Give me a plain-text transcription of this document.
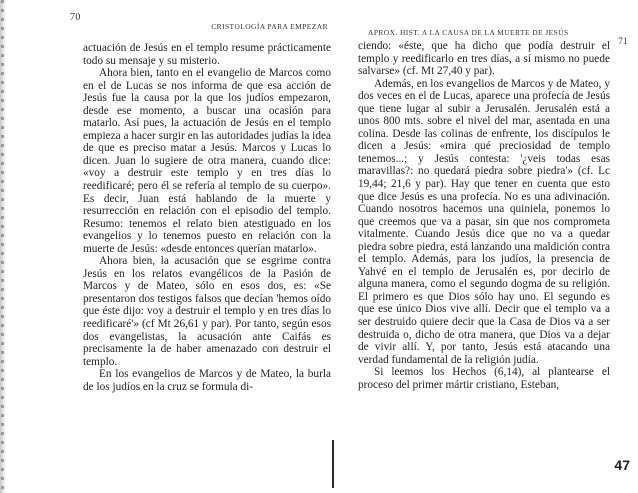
70
CRISTOLOGÍA PARA EMPEZAR

actuación de Jesús en el templo resume prácticamente todo su mensaje y su misterio.

Ahora bien, tanto en el evangelio de Marcos como en el de Lucas se nos informa de que esa acción de Jesús fue la causa por la que los judíos empezaron, desde ese momento, a buscar una ocasión para matarlo. Así pues, la actuación de Jesús en el templo empieza a hacer surgir en las autoridades judías la idea de que es preciso matar a Jesús. Marcos y Lucas lo dicen. Juan lo sugiere de otra manera, cuando dice: «voy a destruir este templo y en tres días lo reedificaré; pero él se refería al templo de su cuerpo». Es decir, Juan está hablando de la muerte y resurrección en relación con el episodio del templo. Resumo: tenemos el relato bien atestiguado en los evangelios y lo tenemos puesto en relación con la muerte de Jesús: «desde entonces querían matarlo».

Ahora bien, la acusación que se esgrime contra Jesús en los relatos evangélicos de la Pasión de Marcos y de Mateo, sólo en esos dos, es: «Se presentaron dos testigos falsos que decían 'hemos oído que éste dijo: voy a destruir el templo y en tres días lo reedificaré'» (cf Mt 26,61 y par). Por tanto, según esos dos evangelistas, la acusación ante Caifás es precisamente la de haber amenazado con destruir el templo.

En los evangelios de Marcos y de Mateo, la burla de los judíos en la cruz se formula di-

APROX. HIST. A LA CAUSA DE LA MUERTE DE JESÚS
71

ciendo: «éste, que ha dicho que podía destruir el templo y reedificarlo en tres días, a sí mismo no puede salvarse» (cf. Mt 27,40 y par).

Además, en los evangelios de Marcos y de Mateo, y dos veces en el de Lucas, aparece una profecía de Jesús que tiene lugar al subir a Jerusalén. Jerusalén está a unos 800 mts. sobre el nivel del mar, asentada en una colina. Desde las colinas de enfrente, los discípulos le dicen a Jesús: «mira qué preciosidad de templo tenemos...; y Jesús contesta: '¿veis todas esas maravillas?: no quedará piedra sobre piedra'» (cf. Lc 19,44; 21,6 y par). Hay que tener en cuenta que esto que dice Jesús es una profecía. No es una adivinación. Cuando nosotros hacemos una quiniela, ponemos lo que creemos que va a pasar, sin que nos comprometa vitalmente. Cuando Jesús dice que no va a quedar piedra sobre piedra, está lanzando una maldición contra el templo. Además, para los judíos, la presencia de Yahvé en el templo de Jerusalén es, por decirlo de alguna manera, como el segundo dogma de su religión. El primero es que Dios sólo hay uno. El segundo es que ese único Dios vive allí. Decir que el templo va a ser destruido quiere decir que la Casa de Dios va a ser destruida o, dicho de otra manera, que Dios va a dejar de vivir allí. Y, por tanto, Jesús está atacando una verdad fundamental de la religión judía.

Si leemos los Hechos (6,14), al plantearse el proceso del primer mártir cristiano, Esteban,

47
